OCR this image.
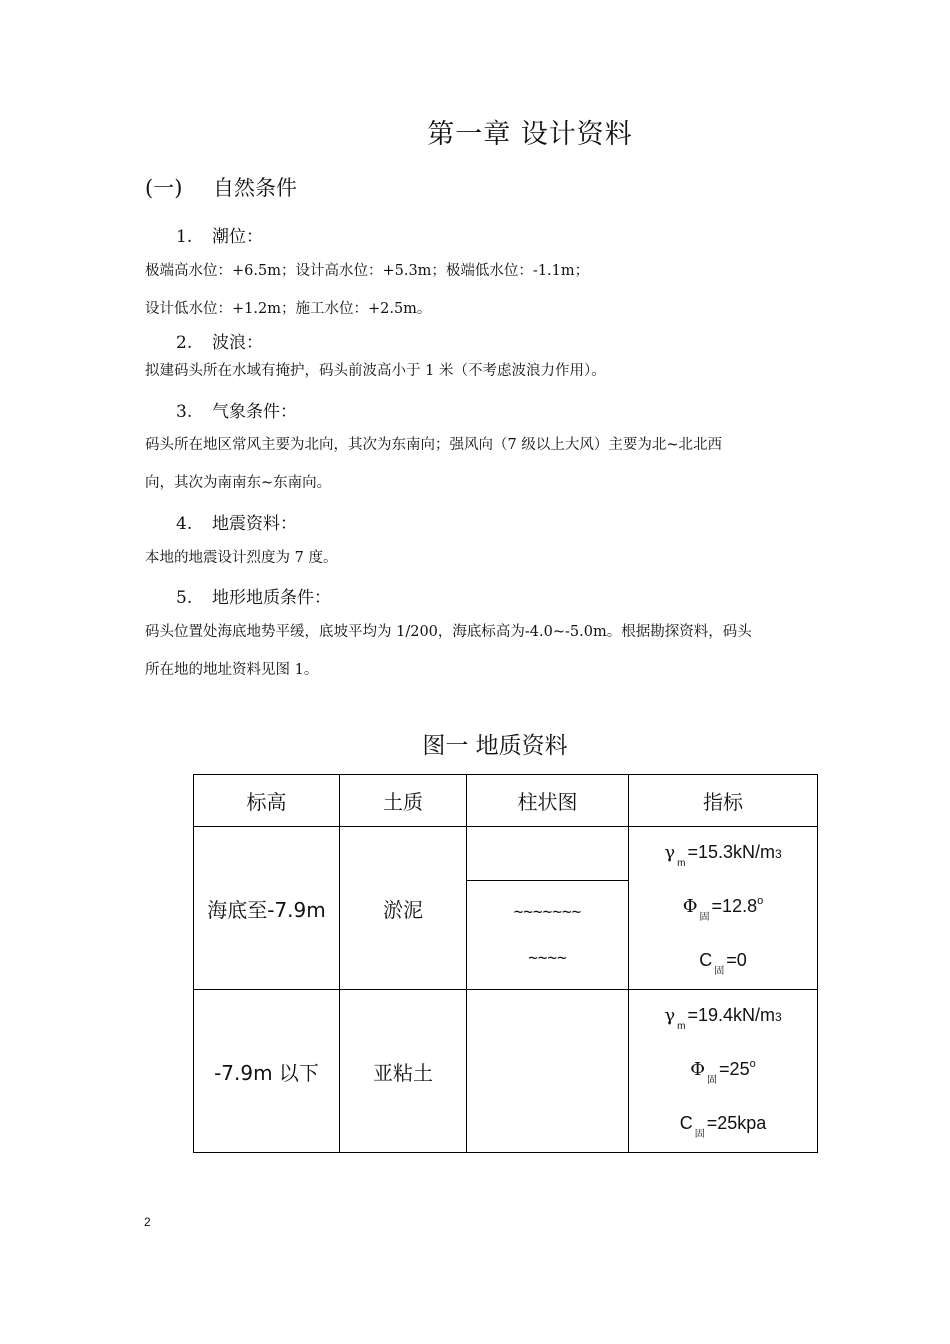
第一章 设计资料
(一) 自然条件
1. 潮位：
极端高水位：+6.5m；设计高水位：+5.3m；极端低水位：-1.1m；
设计低水位：+1.2m；施工水位：+2.5m。
2. 波浪：
拟建码头所在水域有掩护，码头前波高小于 1 米（不考虑波浪力作用）。
3. 气象条件：
码头所在地区常风主要为北向，其次为东南向；强风向（7 级以上大风）主要为北~北北西
向，其次为南南东~东南向。
4. 地震资料：
本地的地震设计烈度为 7 度。
5. 地形地质条件：
码头位置处海底地势平缓，底坡平均为 1/200，海底标高为-4.0~-5.0m。根据勘探资料，码头
所在地的地址资料见图 1。
图一 地质资料
标高	土质	柱状图	指标
海底至-7.9m	淤泥		$\gamma_m=15.3kN/m3$
$\Phi_固=12.8^o$
$C_固=0$

		~~~~~~~
~~~~	

-7.9m 以下	亚粘土		$\gamma_m=19.4kN/m3$
$\Phi_固=25^o$
$C_固=25kpa$
2
